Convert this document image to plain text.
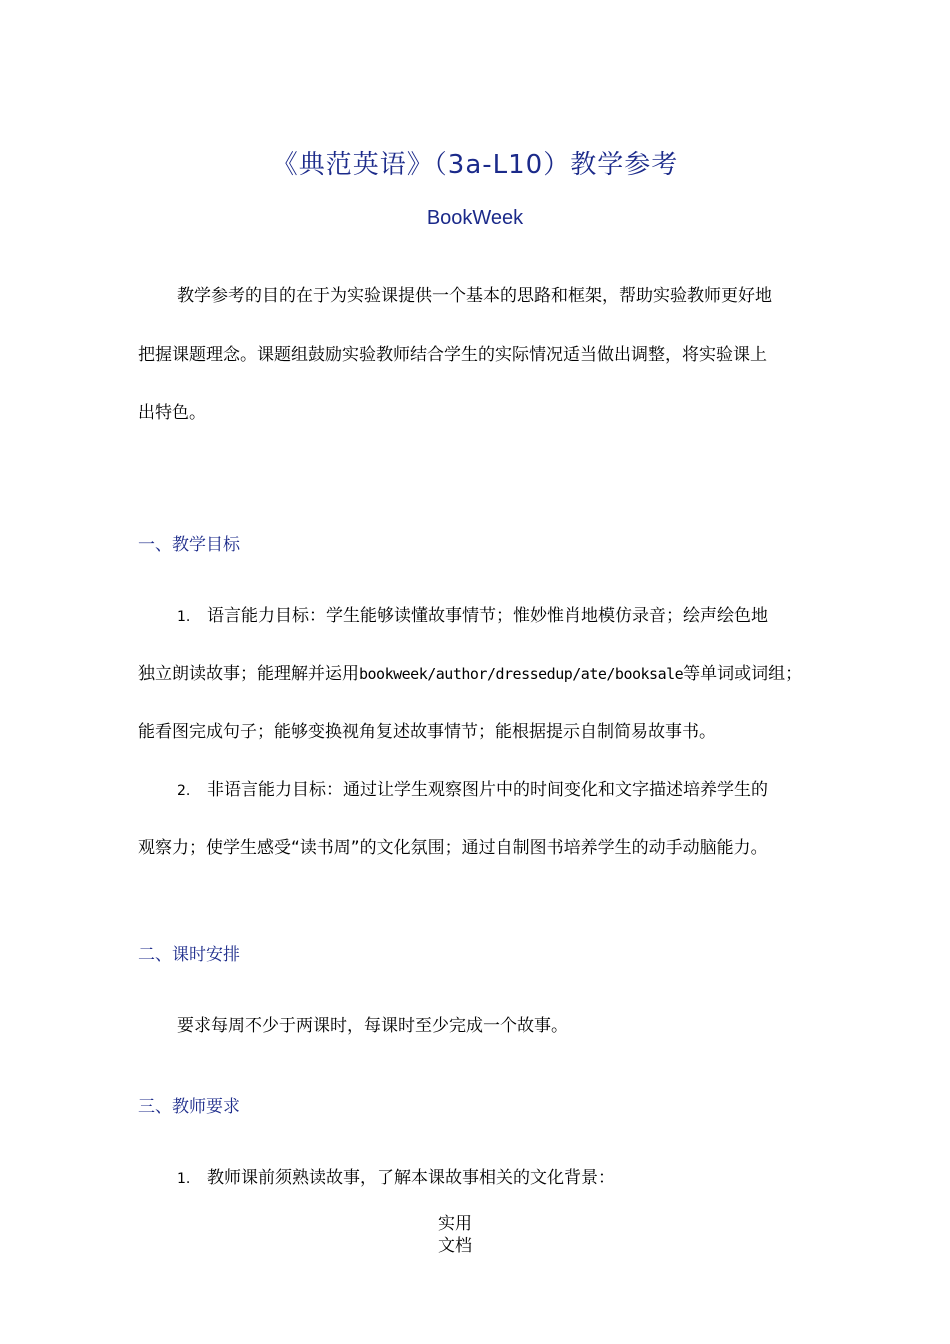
《典范英语》（3a-L10）教学参考
BookWeek
教学参考的目的在于为实验课提供一个基本的思路和框架，帮助实验教师更好地
把握课题理念。课题组鼓励实验教师结合学生的实际情况适当做出调整，将实验课上
出特色。
一、教学目标
1. 语言能力目标：学生能够读懂故事情节；惟妙惟肖地模仿录音；绘声绘色地
独立朗读故事；能理解并运用bookweek/author/dressedup/ate/booksale等单词或词组；
能看图完成句子；能够变换视角复述故事情节；能根据提示自制简易故事书。
2. 非语言能力目标：通过让学生观察图片中的时间变化和文字描述培养学生的
观察力；使学生感受“读书周”的文化氛围；通过自制图书培养学生的动手动脑能力。
二、课时安排
要求每周不少于两课时，每课时至少完成一个故事。
三、教师要求
1. 教师课前须熟读故事，了解本课故事相关的文化背景：
实用
文档
